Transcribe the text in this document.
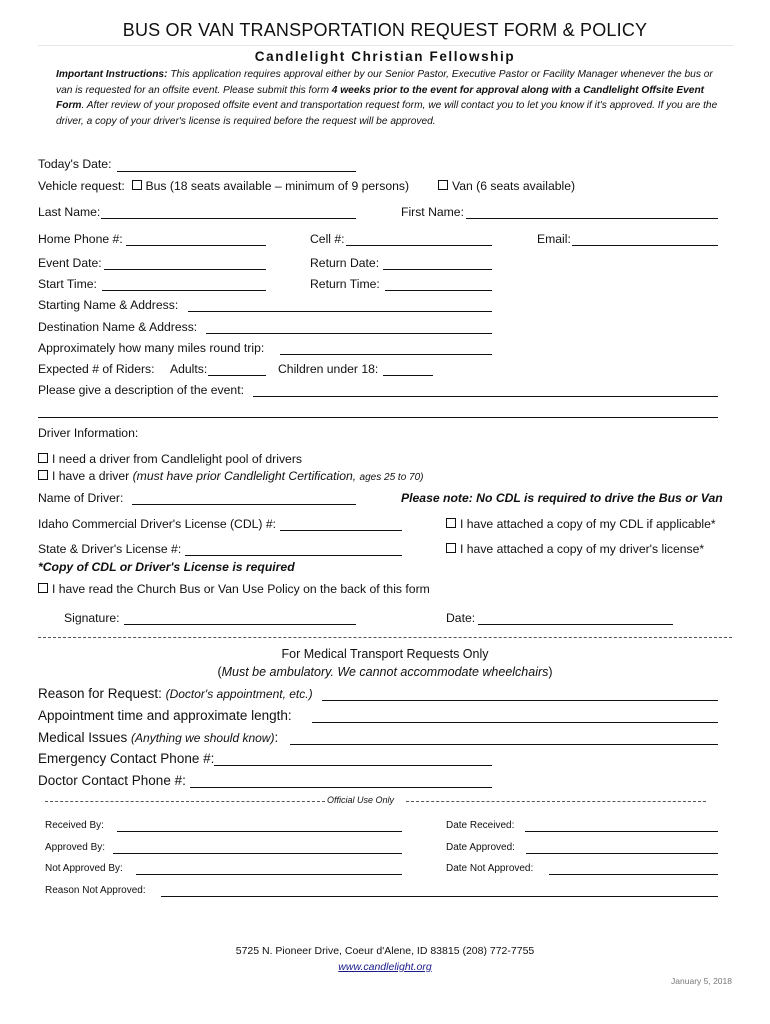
BUS OR VAN TRANSPORTATION REQUEST FORM & POLICY
Candlelight Christian Fellowship
Important Instructions: This application requires approval either by our Senior Pastor, Executive Pastor or Facility Manager whenever the bus or van is requested for an offsite event. Please submit this form 4 weeks prior to the event for approval along with a Candlelight Offsite Event Form. After review of your proposed offsite event and transportation request form, we will contact you to let you know if it's approved. If you are the driver, a copy of your driver's license is required before the request will be approved.
Today's Date:
Vehicle request: Bus (18 seats available – minimum of 9 persons)	Van (6 seats available)
Last Name:	First Name:
Home Phone #:	Cell #:	Email:
Event Date:	Return Date:
Start Time:	Return Time:
Starting Name & Address:
Destination Name & Address:
Approximately how many miles round trip:
Expected # of Riders: Adults:	Children under 18:
Please give a description of the event:
Driver Information:
I need a driver from Candlelight pool of drivers
I have a driver (must have prior Candlelight Certification, ages 25 to 70)
Name of Driver:	Please note: No CDL is required to drive the Bus or Van
Idaho Commercial Driver's License (CDL) #:	I have attached a copy of my CDL if applicable*
State & Driver's License #:	I have attached a copy of my driver's license*
*Copy of CDL or Driver's License is required
I have read the Church Bus or Van Use Policy on the back of this form
Signature:	Date:
For Medical Transport Requests Only
(Must be ambulatory. We cannot accommodate wheelchairs)
Reason for Request: (Doctor's appointment, etc.)
Appointment time and approximate length:
Medical Issues (Anything we should know):
Emergency Contact Phone #:
Doctor Contact Phone #:
Official Use Only
Received By:	Date Received:
Approved By:	Date Approved:
Not Approved By:	Date Not Approved:
Reason Not Approved:
5725 N. Pioneer Drive, Coeur d'Alene, ID 83815 (208) 772-7755
www.candlelight.org
January 5, 2018
